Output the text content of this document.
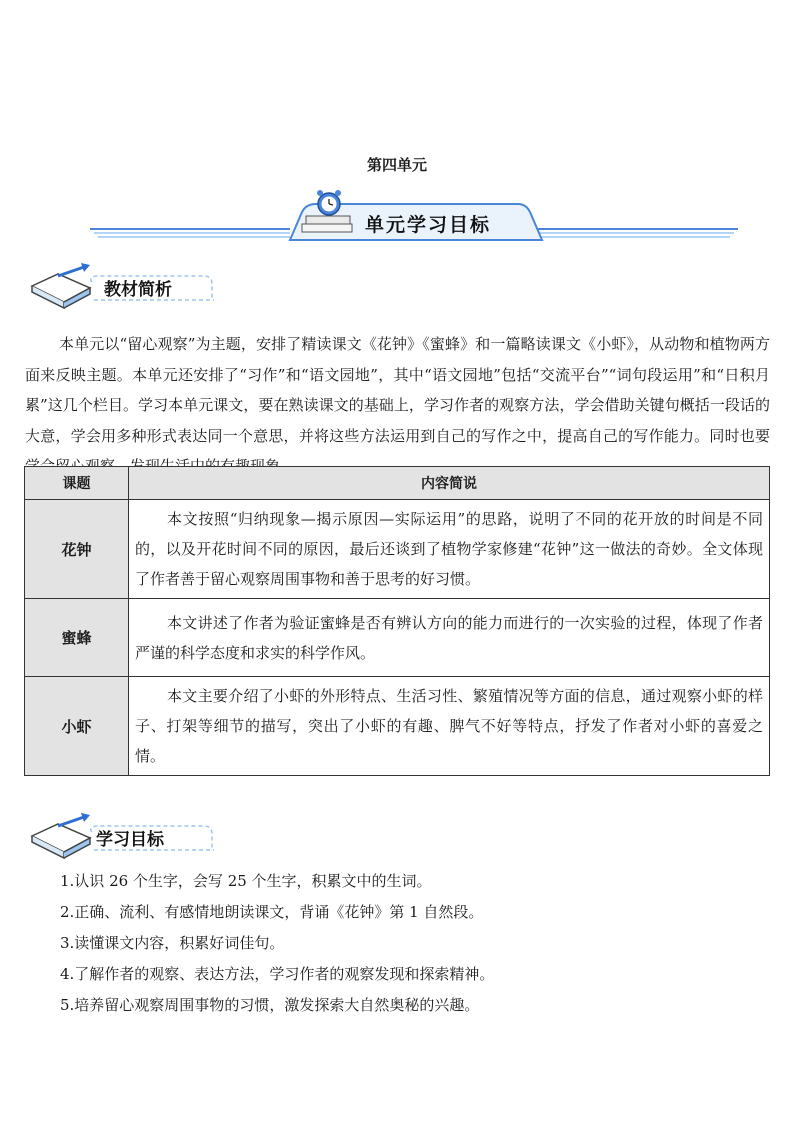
第四单元
单元学习目标
教材简析

本单元以“留心观察”为主题，安排了精读课文《花钟》《蜜蜂》和一篇略读课文《小虾》，从动物和植物两方面来反映主题。本单元还安排了“习作”和“语文园地”，其中“语文园地”包括“交流平台”“词句段运用”和“日积月累”这几个栏目。学习本单元课文，要在熟读课文的基础上，学习作者的观察方法，学会借助关键句概括一段话的大意，学会用多种形式表达同一个意思，并将这些方法运用到自己的写作之中，提高自己的写作能力。同时也要

课题	内容简说
花钟	本文按照“归纳现象—揭示原因—实际运用”的思路，说明了不同的花开放的时间是不同的，以及开花时间不同的原因，最后还谈到了植物学家修建“花钟”这一做法的奇妙。全文体现了作者善于留心观察周围事物和善于思考的好习惯。
蜜蜂	本文讲述了作者为验证蜜蜂是否有辨认方向的能力而进行的一次实验的过程，体现了作者严谨的科学态度和求实的科学作风。
小虾	本文主要介绍了小虾的外形特点、生活习性、繁殖情况等方面的信息，通过观察小虾的样子、打架等细节的描写，突出了小虾的有趣、脾气不好等特点，抒发了作者对小虾的喜爱之情。
学习目标
1.认识 26 个生字，会写 25 个生字，积累文中的生词。
2.正确、流利、有感情地朗读课文，背诵《花钟》第 1 自然段。
3.读懂课文内容，积累好词佳句。
4.了解作者的观察、表达方法，学习作者的观察发现和探索精神。
5.培养留心观察周围事物的习惯，激发探索大自然奥秘的兴趣。
